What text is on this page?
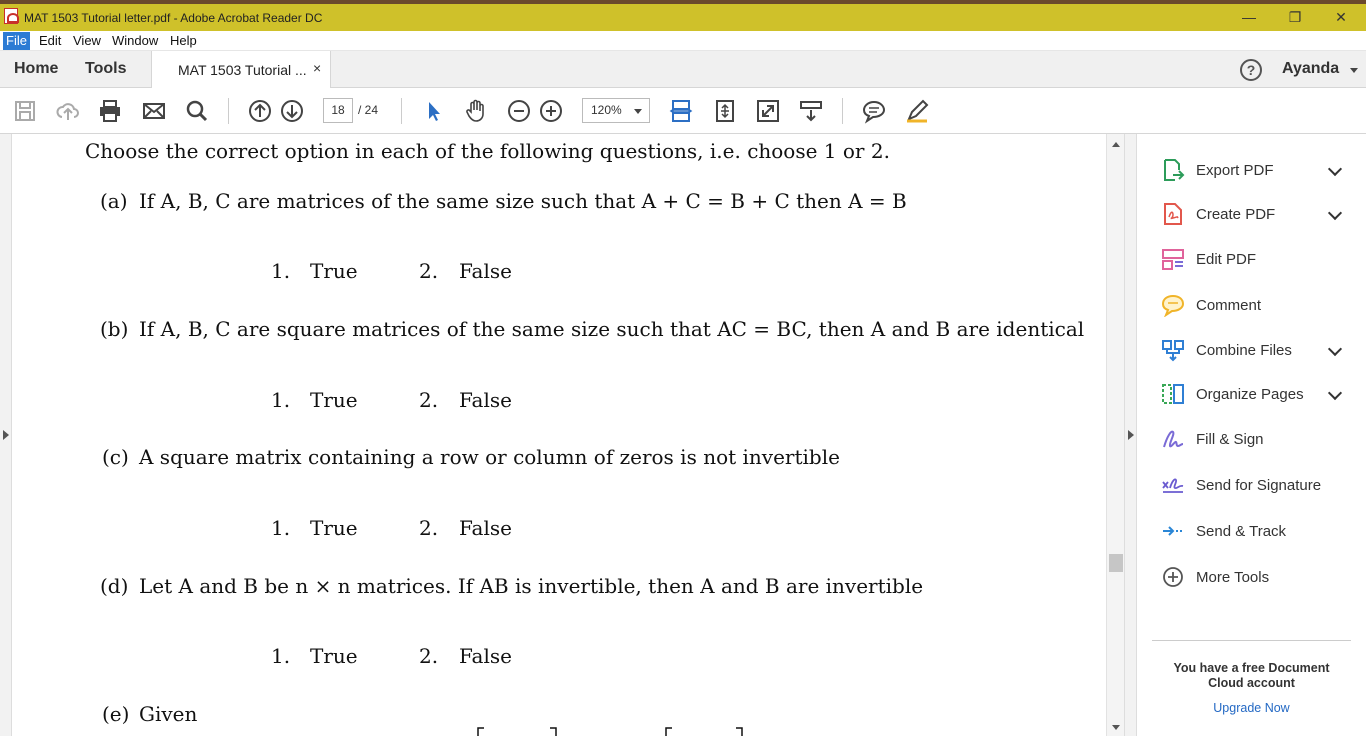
MAT 1503 Tutorial letter.pdf - Adobe Acrobat Reader DC	—	❐	✕
File Edit View Window Help
Home Tools	MAT 1503 Tutorial ... ×	?	Ayanda
18	/ 24	120%
Choose the correct option in each of the following questions, i.e. choose 1 or 2.
(a) If A, B, C are matrices of the same size such that A + C = B + C then A = B
1. True	2. False
(b) If A, B, C are square matrices of the same size such that AC = BC, then A and B are identical
1. True	2. False
(c) A square matrix containing a row or column of zeros is not invertible
1. True	2. False
(d) Let A and B be n × n matrices. If AB is invertible, then A and B are invertible
1. True	2. False
(e) Given
Export PDF
Create PDF
Edit PDF
Comment
Combine Files
Organize Pages
Fill & Sign
Send for Signature
Send & Track
More Tools
You have a free Document
Cloud account
Upgrade Now
